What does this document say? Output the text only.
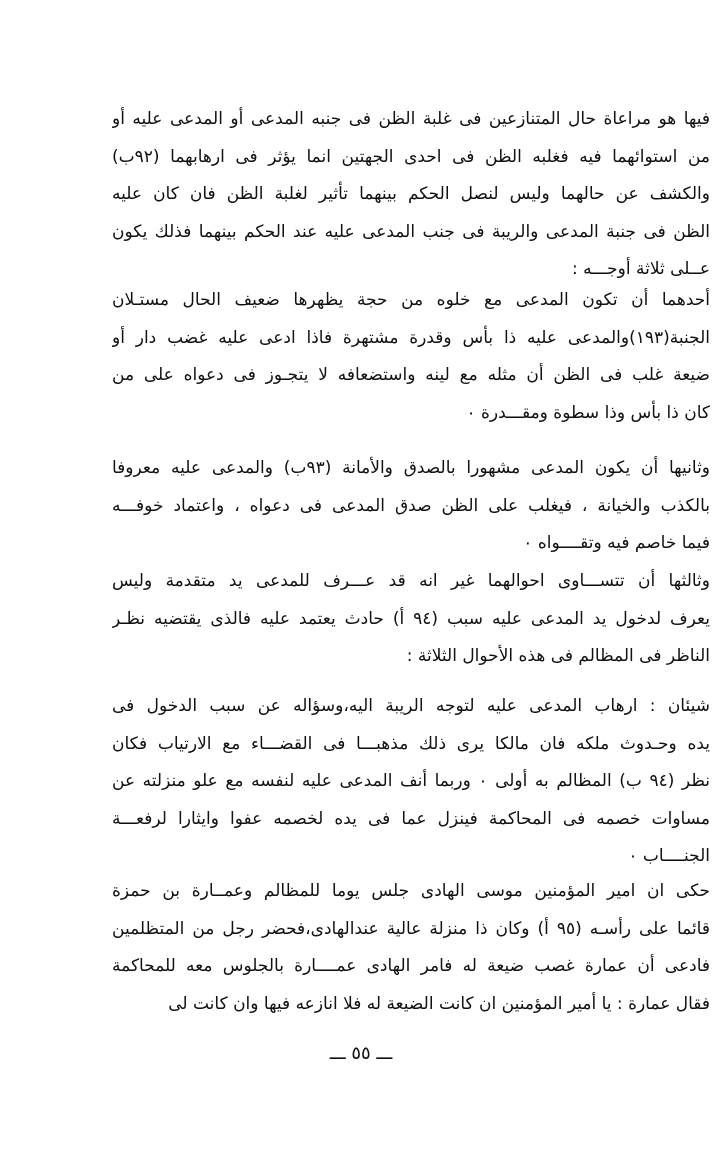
فيها هو مراعاة حال المتنازعين فى غلبة الظن فى جنبه المدعى أو المدعى عليه أو
من استوائهما فيه فغلبه الظن فى احدى الجهتين انما يؤثر فى ارهابهما (٩٢ب)
والكشف عن حالهما وليس لنصل الحكم بينهما تأثير لغلبة الظن فان كان عليه
الظن فى جنبة المدعى والريبة فى جنب المدعى عليه عند الحكم بينهما فذلك يكون
عــلى ثلاثة أوجـــه :
أحدهما أن تكون المدعى مع خلوه من حجة يظهرها ضعيف الحال مستـلان
الجنبة(١٩٣)والمدعى عليه ذا بأس وقدرة مشتهرة فاذا ادعى عليه غضب دار أو
ضيعة غلب فى الظن أن مثله مع لينه واستضعافه لا يتجـوز فى دعواه على من
كان ذا بأس وذا سطوة ومقـــدرة ٠
وثانيها أن يكون المدعى مشهورا بالصدق والأمانة (٩٣ب) والمدعى عليه معروفا
بالكذب والخيانة ، فيغلب على الظن صدق المدعى فى دعواه ، واعتماد خوفـــه
فيما خاصم فيه وتقــــواه ٠
وثالثها أن تتســـاوى احوالهما غير انه قد عـــرف للمدعى يد متقدمة وليس
يعرف لدخول يد المدعى عليه سبب (٩٤ أ) حادث يعتمد عليه فالذى يقتضيه نظـر
الناظر فى المظالم فى هذه الأحوال الثلاثة :
شيئان : ارهاب المدعى عليه لتوجه الريبة اليه،وسؤاله عن سبب الدخول فى
يده وحـدوث ملكه فان مالكا يرى ذلك مذهبـــا فى القضـــاء مع الارتياب فكان
نظر (٩٤ ب) المظالم به أولى ٠ وربما أنف المدعى عليه لنفسه مع علو منزلته عن
مساوات خصمه فى المحاكمة فينزل عما فى يده لخصمه عفوا وايثارا لرفعـــة
الجنــــاب ٠
حكى ان امير المؤمنين موسى الهادى جلس يوما للمظالم وعمــارة بن حمزة
قائما على رأسـه (٩٥ أ) وكان ذا منزلة عالية عندالهادى،فحضر رجل من المتظلمين
فادعى أن عمارة غصب ضيعة له فامر الهادى عمــــارة بالجلوس معه للمحاكمة
فقال عمارة : يا أمير المؤمنين ان كانت الضيعة له فلا انازعه فيها وان كانت لى
ـــ ٥٥ ـــ
